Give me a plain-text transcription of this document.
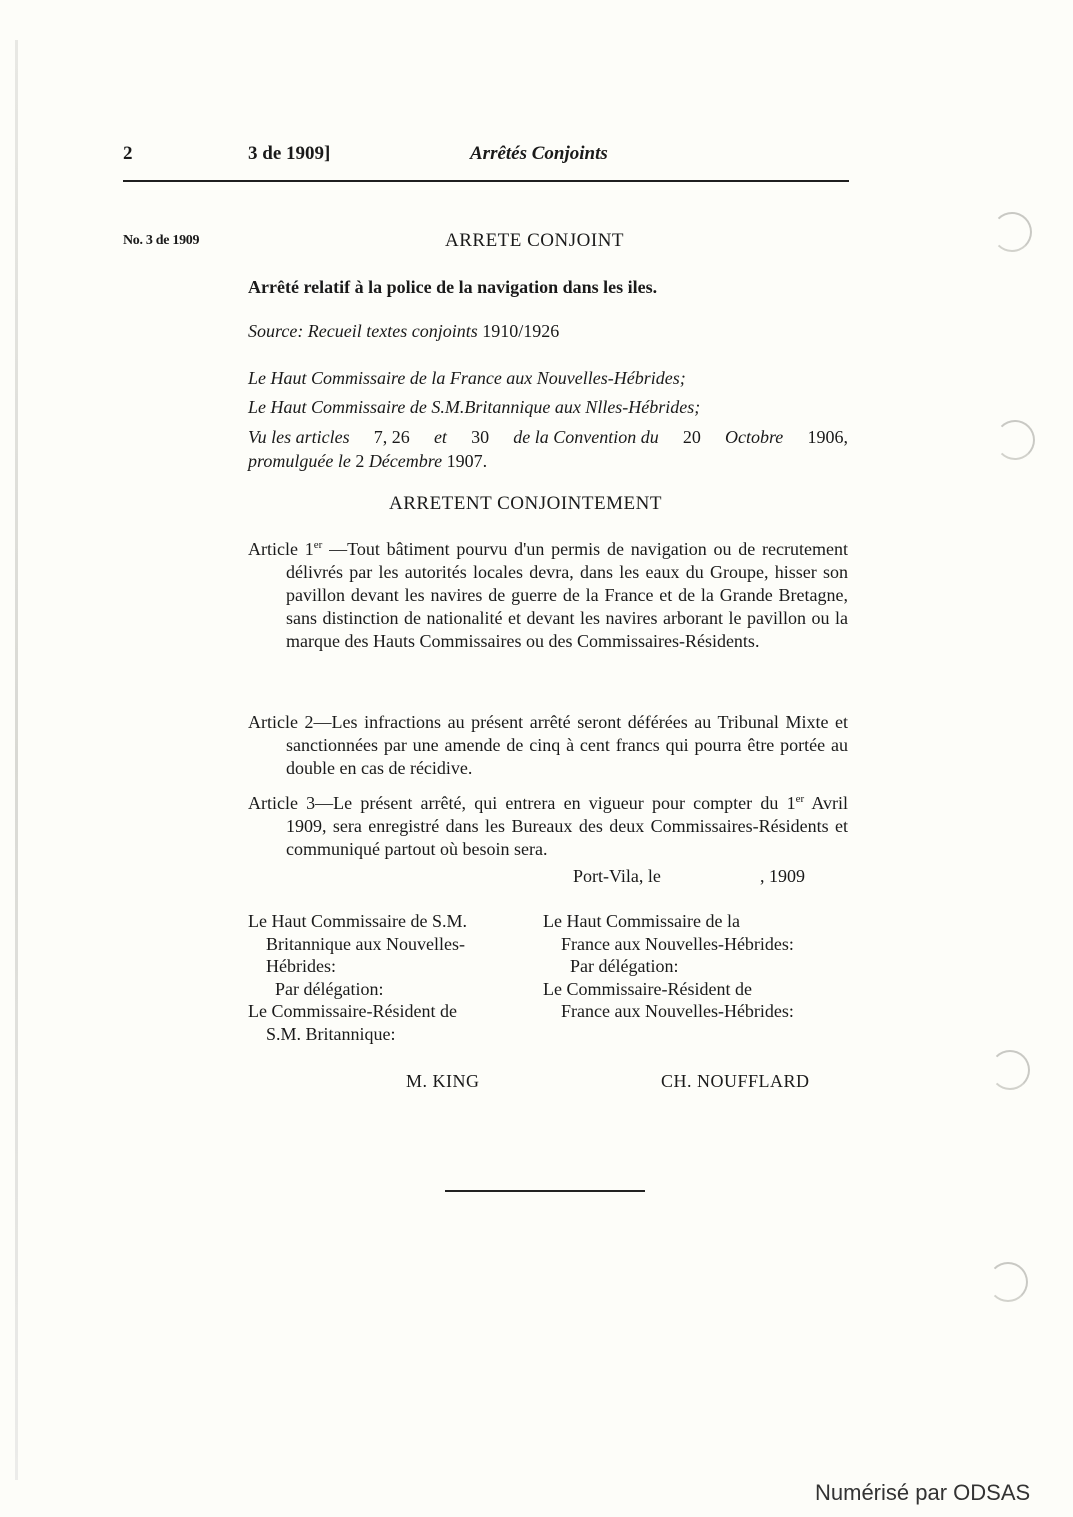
2	3 de 1909]	Arrêtés Conjoints
No. 3 de 1909	ARRETE CONJOINT
Arrêté relatif à la police de la navigation dans les iles.
Source: Recueil textes conjoints 1910/1926
Le Haut Commissaire de la France aux Nouvelles-Hébrides;
Le Haut Commissaire de S.M.Britannique aux Nlles-Hébrides;
Vu les articles 7, 26 et 30 de la Convention du 20 Octobre 1906,
promulguée le 2 Décembre 1907.
ARRETENT CONJOINTEMENT
Article 1er —Tout bâtiment pourvu d'un permis de navigation ou de recrutement délivrés par les autorités locales devra, dans les eaux du Groupe, hisser son pavillon devant les navires de guerre de la France et de la Grande Bretagne, sans distinction de nationalité et devant les navires arborant le pavillon ou la marque des Hauts Commissaires ou des Commissaires-Résidents.
Article 2—Les infractions au présent arrêté seront déférées au Tribunal Mixte et sanctionnées par une amende de cinq à cent francs qui pourra être portée au double en cas de récidive.
Article 3—Le présent arrêté, qui entrera en vigueur pour compter du 1er Avril 1909, sera enregistré dans les Bureaux des deux Commissaires-Résidents et communiqué partout où besoin sera.
Port-Vila, le	, 1909
Le Haut Commissaire de S.M.
Britannique aux Nouvelles-
Hébrides:
Par délégation:
Le Commissaire-Résident de
S.M. Britannique:
Le Haut Commissaire de la
France aux Nouvelles-Hébrides:
Par délégation:
Le Commissaire-Résident de
France aux Nouvelles-Hébrides:
M. KING	CH. NOUFFLARD
Numérisé par ODSAS
